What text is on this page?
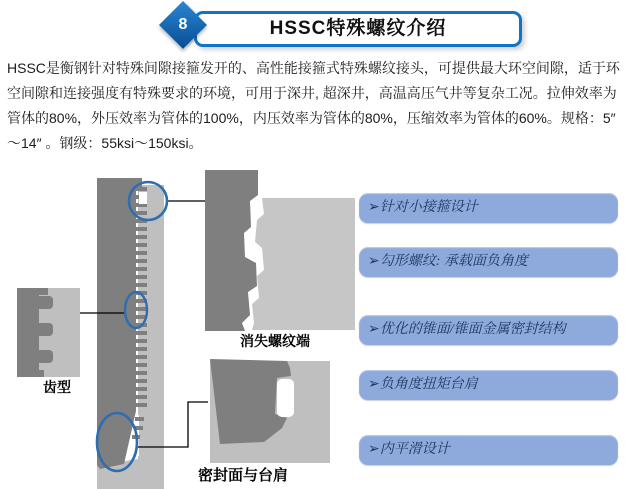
HSSC特殊螺纹介绍
8
HSSC是衡钢针对特殊间隙接箍发开的、高性能接箍式特殊螺纹接头，可提供最大环空间隙，适于环空间隙和连接强度有特殊要求的环境，可用于深井, 超深井，高温高压气井等复杂工况。拉伸效率为管体的80%，外压效率为管体的100%，内压效率为管体的80%，压缩效率为管体的60%。规格：5″ ～14″ 。钢级：55ksi～150ksi。
齿型
消失螺纹端
密封面与台肩
➢针对小接箍设计
➢勾形螺纹: 承载面负角度
➢优化的锥面/锥面金属密封结构
➢负角度扭矩台肩
➢内平滑设计
